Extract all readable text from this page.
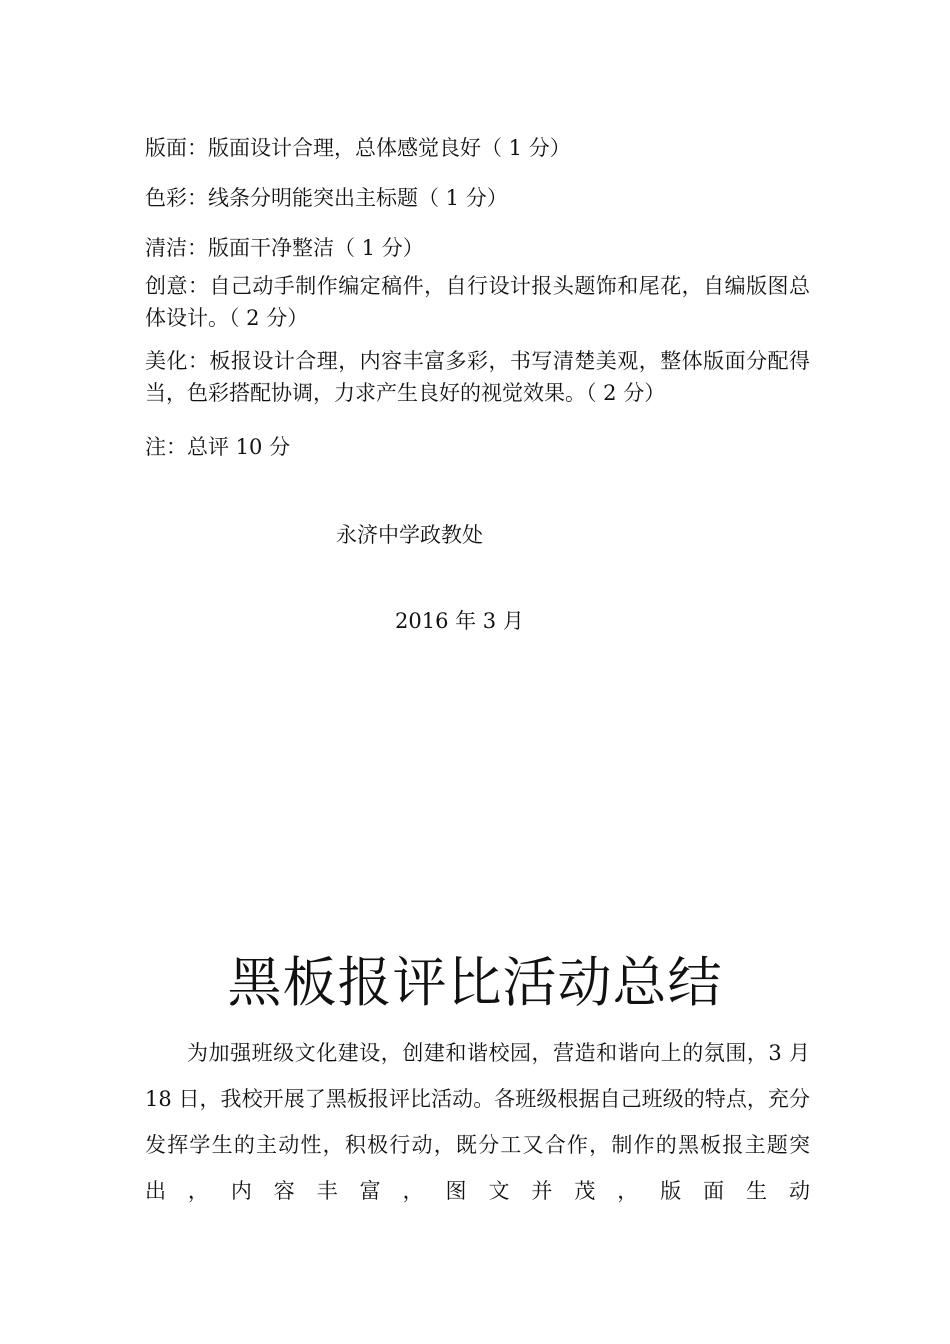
版面：版面设计合理，总体感觉良好（ 1 分）
色彩：线条分明能突出主标题（ 1 分）
清洁：版面干净整洁（ 1 分）
创意：自己动手制作编定稿件，自行设计报头题饰和尾花，自编版图总体设计。（ 2 分）
美化：板报设计合理，内容丰富多彩，书写清楚美观，整体版面分配得当，色彩搭配协调，力求产生良好的视觉效果。（ 2 分）
注：总评 10 分
永济中学政教处
2016 年 3 月
黑板报评比活动总结
为加强班级文化建设，创建和谐校园，营造和谐向上的氛围，3 月 18 日，我校开展了黑板报评比活动。各班级根据自己班级的特点，充分发挥学生的主动性，积极行动，既分工又合作，制作的黑板报主题突出，内容丰富，图文并茂，版面生动
